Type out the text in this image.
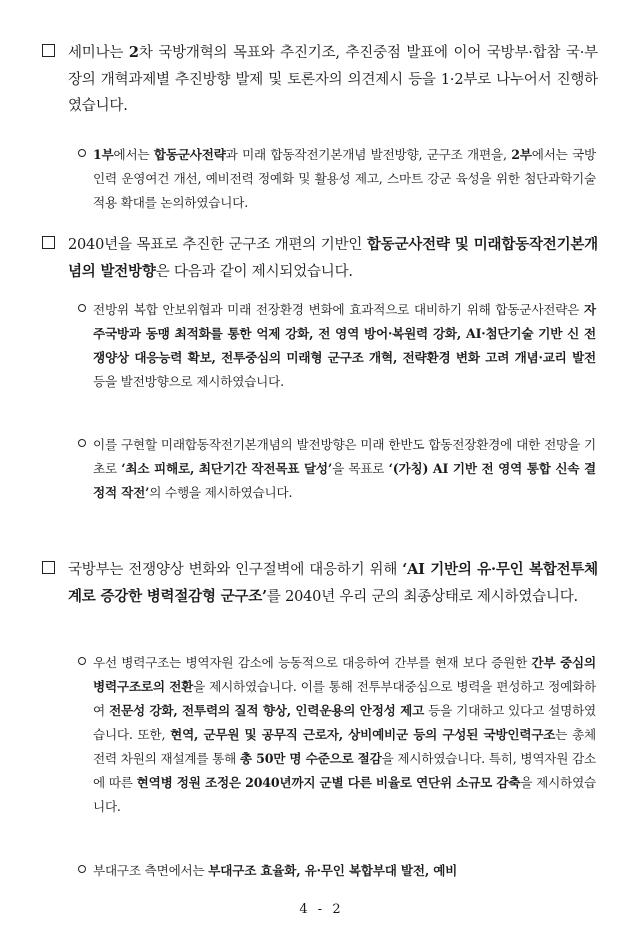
세미나는 2차 국방개혁의 목표와 추진기조, 추진중점 발표에 이어 국방부·합참 국·부장의 개혁과제별 추진방향 발제 및 토론자의 의견제시 등을 1·2부로 나누어서 진행하였습니다.
1부에서는 합동군사전략과 미래 합동작전기본개념 발전방향, 군구조 개편을, 2부에서는 국방인력 운영여건 개선, 예비전력 정예화 및 활용성 제고, 스마트 강군 육성을 위한 첨단과학기술 적용 확대를 논의하였습니다.
2040년을 목표로 추진한 군구조 개편의 기반인 합동군사전략 및 미래합동작전기본개념의 발전방향은 다음과 같이 제시되었습니다.
전방위 복합 안보위협과 미래 전장환경 변화에 효과적으로 대비하기 위해 합동군사전략은 자주국방과 동맹 최적화를 통한 억제 강화, 전 영역 방어·복원력 강화, AI·첨단기술 기반 신 전쟁양상 대응능력 확보, 전투중심의 미래형 군구조 개혁, 전략환경 변화 고려 개념·교리 발전 등을 발전방향으로 제시하였습니다.
이를 구현할 미래합동작전기본개념의 발전방향은 미래 한반도 합동전장환경에 대한 전망을 기초로 ‘최소 피해로, 최단기간 작전목표 달성’을 목표로 ‘(가칭) AI 기반 전 영역 통합 신속 결정적 작전’의 수행을 제시하였습니다.
국방부는 전쟁양상 변화와 인구절벽에 대응하기 위해 ‘AI 기반의 유·무인 복합전투체계로 증강한 병력절감형 군구조’를 2040년 우리 군의 최종상태로 제시하였습니다.
우선 병력구조는 병역자원 감소에 능동적으로 대응하여 간부를 현재 보다 증원한 간부 중심의 병력구조로의 전환을 제시하였습니다. 이를 통해 전투부대중심으로 병력을 편성하고 정예화하여 전문성 강화, 전투력의 질적 향상, 인력운용의 안정성 제고 등을 기대하고 있다고 설명하였습니다. 또한, 현역, 군무원 및 공무직 근로자, 상비예비군 등의 구성된 국방인력구조는 총체전력 차원의 재설계를 통해 총 50만 명 수준으로 절감을 제시하였습니다. 특히, 병역자원 감소에 따른 현역병 정원 조정은 2040년까지 군별 다른 비율로 연단위 소규모 감축을 제시하였습니다.
부대구조 측면에서는 부대구조 효율화, 유·무인 복합부대 발전, 예비
4 - 2
